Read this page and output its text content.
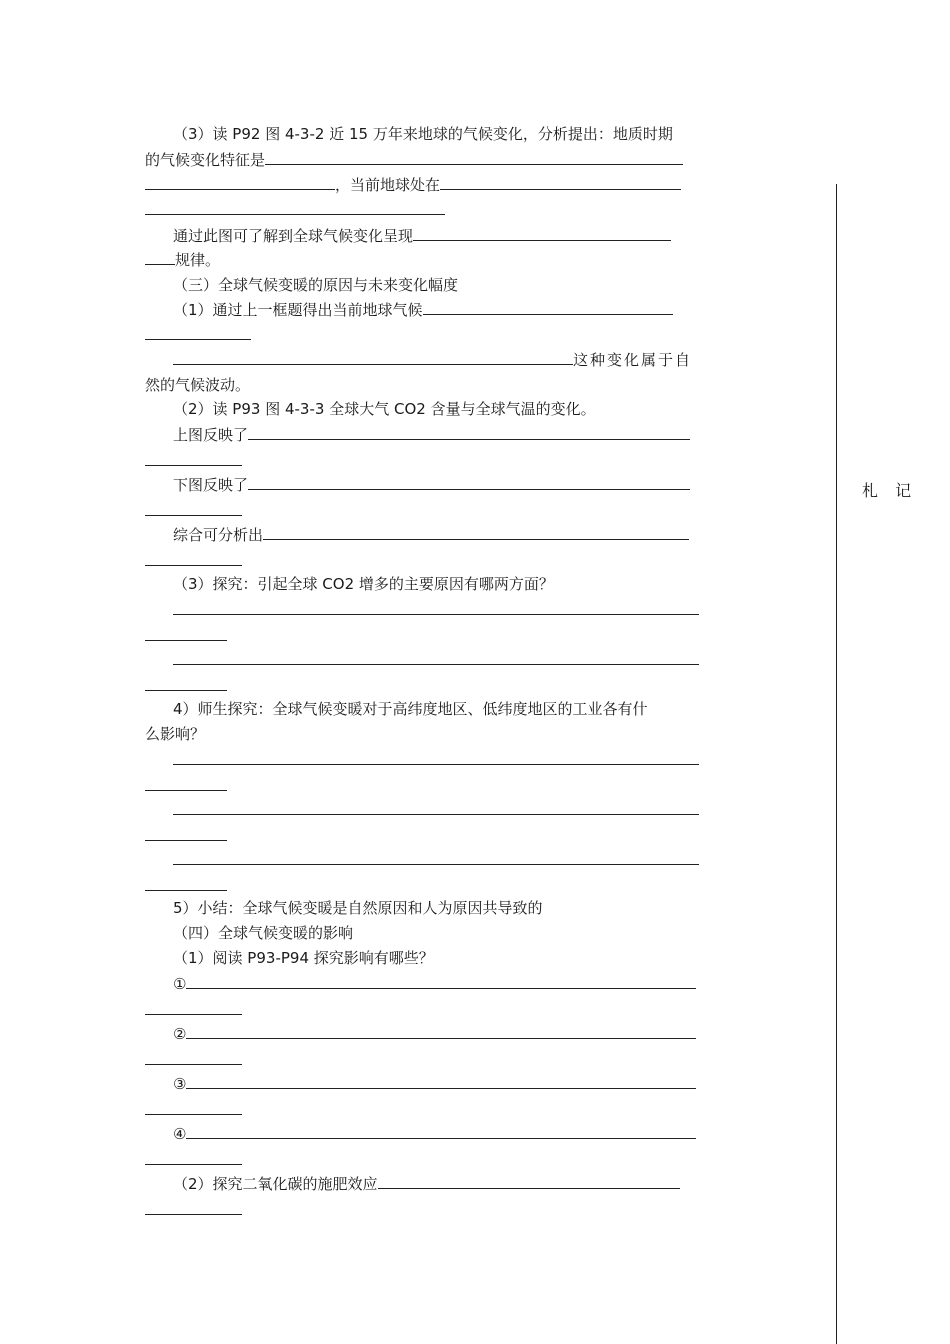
（3）读 P92 图 4-3-2 近 15 万年来地球的气候变化，分析提出：地质时期
的气候变化特征是
，当前地球处在
通过此图可了解到全球气候变化呈现
规律。
（三）全球气候变暖的原因与未来变化幅度
（1）通过上一框题得出当前地球气候
这种变化属于自
然的气候波动。
（2）读 P93 图 4-3-3 全球大气 CO2 含量与全球气温的变化。
上图反映了
下图反映了
综合可分析出
（3）探究：引起全球 CO2 增多的主要原因有哪两方面？
4）师生探究：全球气候变暖对于高纬度地区、低纬度地区的工业各有什
么影响？
5）小结：全球气候变暖是自然原因和人为原因共导致的
（四）全球气候变暖的影响
（1）阅读 P93-P94 探究影响有哪些？
①
②
③
④
（2）探究二氧化碳的施肥效应
札 记
